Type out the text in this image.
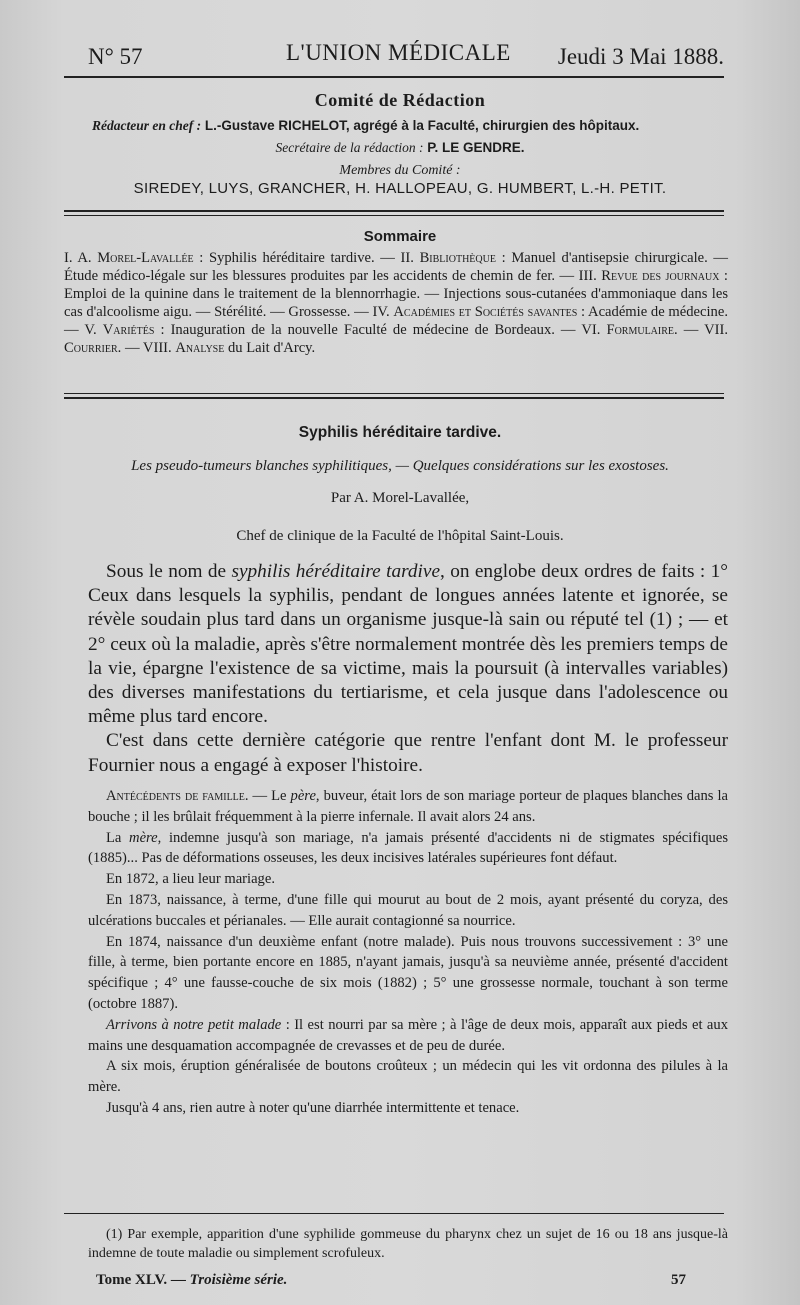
N° 57	L'UNION MÉDICALE Jeudi 3 Mai 1888.
Comité de Rédaction
Rédacteur en chef : L.-Gustave RICHELOT, agrégé à la Faculté, chirurgien des hôpitaux.
Secrétaire de la rédaction : P. LE GENDRE.
Membres du Comité :
SIREDEY, LUYS, GRANCHER, H. HALLOPEAU, G. HUMBERT, L.-H. PETIT.
Sommaire
I. A. Morel-Lavallée : Syphilis héréditaire tardive. — II. Bibliothèque : Manuel d'antisepsie chirurgicale. — Étude médico-légale sur les blessures produites par les accidents de chemin de fer. — III. Revue des journaux : Emploi de la quinine dans le traitement de la blennorrhagie. — Injections sous-cutanées d'ammoniaque dans les cas d'alcoolisme aigu. — Stérélité. — Grossesse. — IV. Académies et Sociétés savantes : Académie de médecine. — V. Variétés : Inauguration de la nouvelle Faculté de médecine de Bordeaux. — VI. Formulaire. — VII. Courrier. — VIII. Analyse du Lait d'Arcy.
Syphilis héréditaire tardive.
Les pseudo-tumeurs blanches syphilitiques, — Quelques considérations sur les exostoses.
Par A. Morel-Lavallée,
Chef de clinique de la Faculté de l'hôpital Saint-Louis.

Sous le nom de syphilis héréditaire tardive, on englobe deux ordres de faits : 1° Ceux dans lesquels la syphilis, pendant de longues années latente et ignorée, se révèle soudain plus tard dans un organisme jusque-là sain ou réputé tel (1) ; — et 2° ceux où la maladie, après s'être normalement montrée dès les premiers temps de la vie, épargne l'existence de sa victime, mais la poursuit (à intervalles variables) des diverses manifestations du tertiarisme, et cela jusque dans l'adolescence ou même plus tard encore.

C'est dans cette dernière catégorie que rentre l'enfant dont M. le professeur Fournier nous a engagé à exposer l'histoire.

Antécédents de famille. — Le père, buveur, était lors de son mariage porteur de plaques blanches dans la bouche ; il les brûlait fréquemment à la pierre infernale. Il avait alors 24 ans.

La mère, indemne jusqu'à son mariage, n'a jamais présenté d'accidents ni de stigmates spécifiques (1885)... Pas de déformations osseuses, les deux incisives latérales supérieures font défaut.

En 1872, a lieu leur mariage.

En 1873, naissance, à terme, d'une fille qui mourut au bout de 2 mois, ayant présenté du coryza, des ulcérations buccales et périanales. — Elle aurait contagionné sa nourrice.

En 1874, naissance d'un deuxième enfant (notre malade). Puis nous trouvons successivement : 3° une fille, à terme, bien portante encore en 1885, n'ayant jamais, jusqu'à sa neuvième année, présenté d'accident spécifique ; 4° une fausse-couche de six mois (1882) ; 5° une grossesse normale, touchant à son terme (octobre 1887).

Arrivons à notre petit malade : Il est nourri par sa mère ; à l'âge de deux mois, apparaît aux pieds et aux mains une desquamation accompagnée de crevasses et de peu de durée.

A six mois, éruption généralisée de boutons croûteux ; un médecin qui les vit ordonna des pilules à la mère.

Jusqu'à 4 ans, rien autre à noter qu'une diarrhée intermittente et tenace.

(1) Par exemple, apparition d'une syphilide gommeuse du pharynx chez un sujet de 16 ou 18 ans jusque-là indemne de toute maladie ou simplement scrofuleux.

Tome XLV. — Troisième série.	57
